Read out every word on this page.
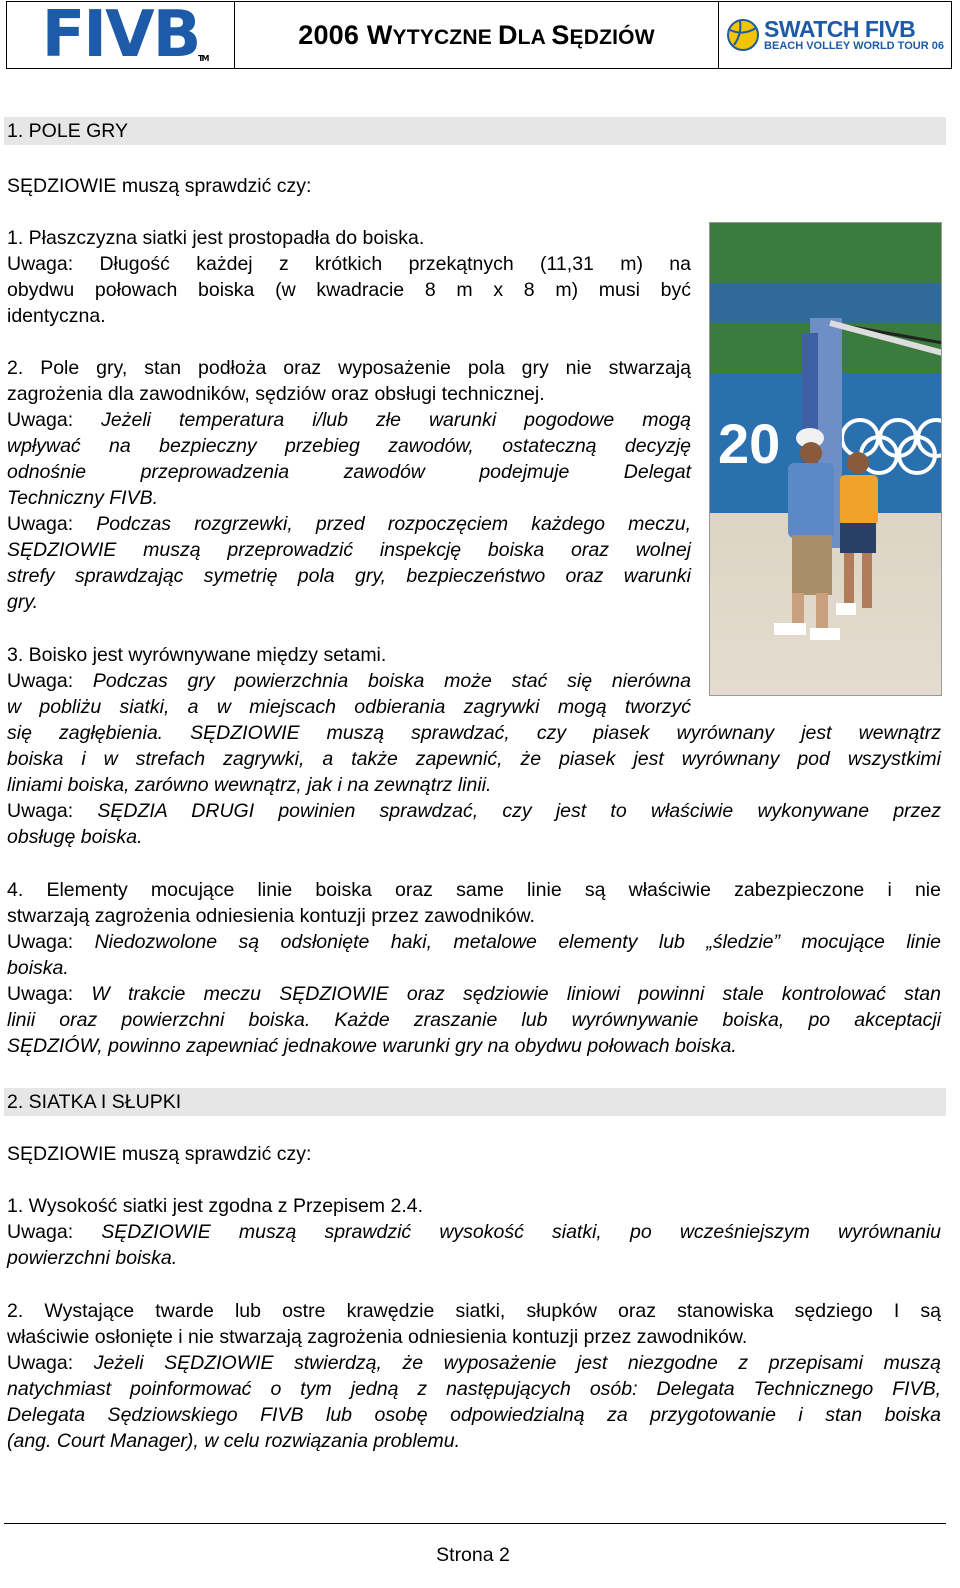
FIVB
TM
2006 WYTYCZNE DLA SĘDZIÓW	SWATCH FIVB
BEACH VOLLEY WORLD TOUR 06

1. POLE GRY

SĘDZIOWIE muszą sprawdzić czy:

1. Płaszczyzna siatki jest prostopadła do boiska.

Uwaga: Długość każdej z krótkich przekątnych (11,31 m) na

obydwu połowach boiska (w kwadracie 8 m x 8 m) musi być

identyczna.

2. Pole gry, stan podłoża oraz wyposażenie pola gry nie stwarzają

zagrożenia dla zawodników, sędziów oraz obsługi technicznej.

Uwaga: Jeżeli temperatura i/lub złe warunki pogodowe mogą

wpływać na bezpieczny przebieg zawodów, ostateczną decyzję

odnośnie przeprowadzenia zawodów podejmuje Delegat

Techniczny FIVB.

Uwaga: Podczas rozgrzewki, przed rozpoczęciem każdego meczu,

SĘDZIOWIE muszą przeprowadzić inspekcję boiska oraz wolnej

strefy sprawdzając symetrię pola gry, bezpieczeństwo oraz warunki

gry.

3. Boisko jest wyrównywane między setami.

Uwaga: Podczas gry powierzchnia boiska może stać się nierówna

w pobliżu siatki, a w miejscach odbierania zagrywki mogą tworzyć

się zagłębienia. SĘDZIOWIE muszą sprawdzać, czy piasek wyrównany jest wewnątrz

boiska i w strefach zagrywki, a także zapewnić, że piasek jest wyrównany pod wszystkimi

liniami boiska, zarówno wewnątrz, jak i na zewnątrz linii.

Uwaga: SĘDZIA DRUGI powinien sprawdzać, czy jest to właściwie wykonywane przez

obsługę boiska.

4. Elementy mocujące linie boiska oraz same linie są właściwie zabezpieczone i nie

stwarzają zagrożenia odniesienia kontuzji przez zawodników.

Uwaga: Niedozwolone są odsłonięte haki, metalowe elementy lub „śledzie” mocujące linie

boiska.

Uwaga: W trakcie meczu SĘDZIOWIE oraz sędziowie liniowi powinni stale kontrolować stan

linii oraz powierzchni boiska. Każde zraszanie lub wyrównywanie boiska, po akceptacji

SĘDZIÓW, powinno zapewniać jednakowe warunki gry na obydwu połowach boiska.

20

2. SIATKA I SŁUPKI

SĘDZIOWIE muszą sprawdzić czy:

1. Wysokość siatki jest zgodna z Przepisem 2.4.

Uwaga: SĘDZIOWIE muszą sprawdzić wysokość siatki, po wcześniejszym wyrównaniu

powierzchni boiska.

2. Wystające twarde lub ostre krawędzie siatki, słupków oraz stanowiska sędziego I są

właściwie osłonięte i nie stwarzają zagrożenia odniesienia kontuzji przez zawodników.

Uwaga: Jeżeli SĘDZIOWIE stwierdzą, że wyposażenie jest niezgodne z przepisami muszą

natychmiast poinformować o tym jedną z następujących osób: Delegata Technicznego FIVB,

Delegata Sędziowskiego FIVB lub osobę odpowiedzialną za przygotowanie i stan boiska

(ang. Court Manager), w celu rozwiązania problemu.

Strona 2
